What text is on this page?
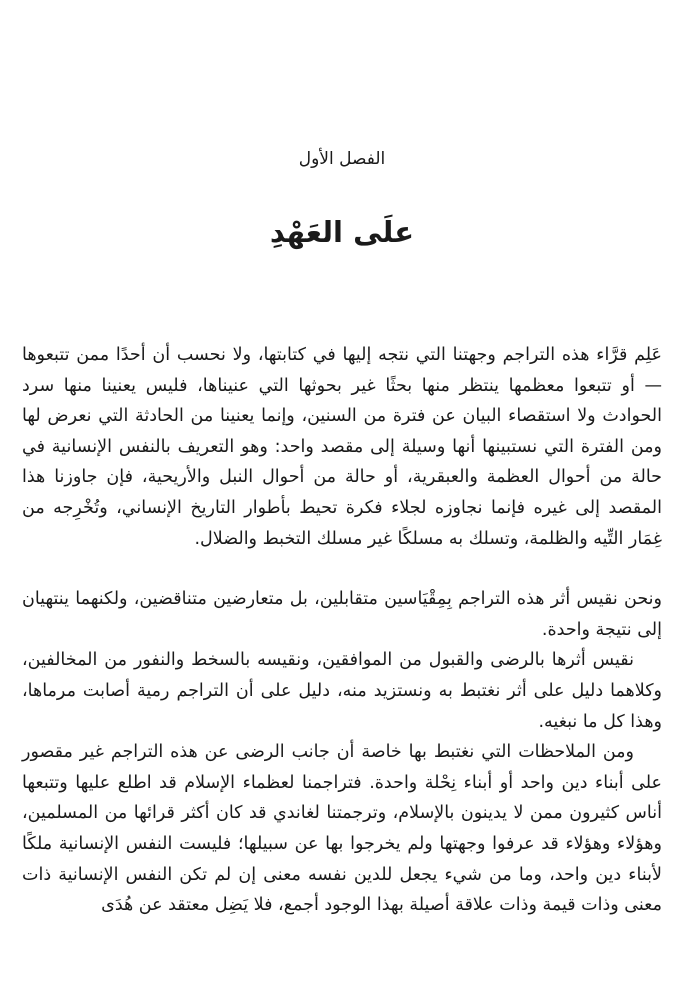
الفصل الأول
علَى العَهْدِ

عَلِم قرَّاء هذه التراجم وجهتنا التي نتجه إليها في كتابتها، ولا نحسب أن أحدًا ممن تتبعوها — أو تتبعوا معظمها ينتظر منها بحثًا غير بحوثها التي عنيناها، فليس يعنينا منها سرد الحوادث ولا استقصاء البيان عن فترة من السنين، وإنما يعنينا من الحادثة التي نعرض لها ومن الفترة التي نستبينها أنها وسيلة إلى مقصد واحد: وهو التعريف بالنفس الإنسانية في حالة من أحوال العظمة والعبقرية، أو حالة من أحوال النبل والأريحية، فإن جاوزنا هذا المقصد إلى غيره فإنما نجاوزه لجلاء فكرة تحيط بأطوار التاريخ الإنساني، وتُخْرِجه من غِمَار التِّيه والظلمة، وتسلك به مسلكًا غير مسلك التخبط والضلال.

ونحن نقيس أثر هذه التراجم بِمِقْيَاسين متقابلين، بل متعارضين متناقضين، ولكنهما ينتهيان إلى نتيجة واحدة.

نقيس أثرها بالرضى والقبول من الموافقين، ونقيسه بالسخط والنفور من المخالفين، وكلاهما دليل على أثر نغتبط به ونستزيد منه، دليل على أن التراجم رمية أصابت مرماها، وهذا كل ما نبغيه.

ومن الملاحظات التي نغتبط بها خاصة أن جانب الرضى عن هذه التراجم غير مقصور على أبناء دين واحد أو أبناء نِحْلة واحدة. فتراجمنا لعظماء الإسلام قد اطلع عليها وتتبعها أناس كثيرون ممن لا يدينون بالإسلام، وترجمتنا لغاندي قد كان أكثر قرائها من المسلمين، وهؤلاء وهؤلاء قد عرفوا وجهتها ولم يخرجوا بها عن سبيلها؛ فليست النفس الإنسانية ملكًا لأبناء دين واحد، وما من شيء يجعل للدين نفسه معنى إن لم تكن النفس الإنسانية ذات معنى وذات قيمة وذات علاقة أصيلة بهذا الوجود أجمع، فلا يَضِل معتقد عن هُدَى
